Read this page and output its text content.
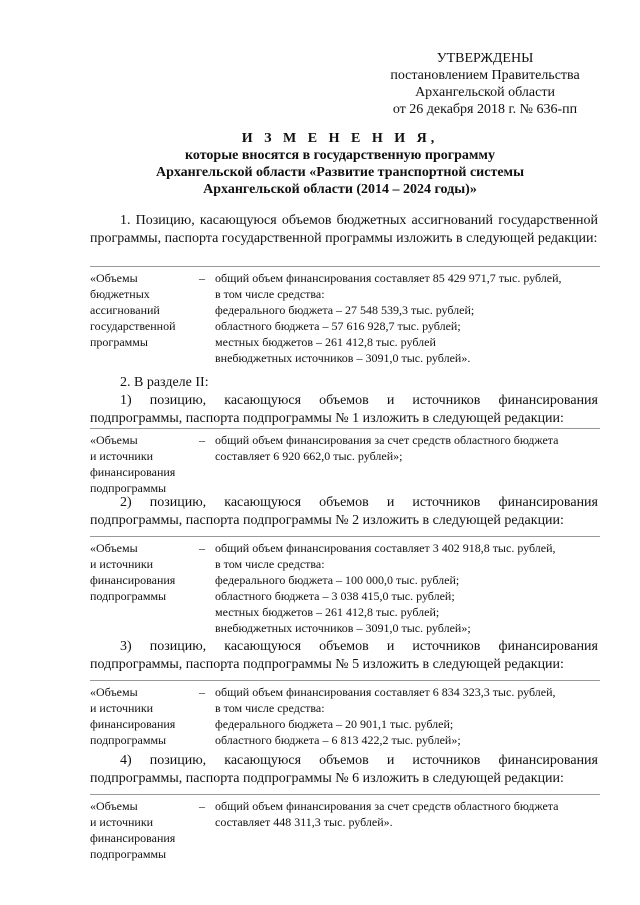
УТВЕРЖДЕНЫ
постановлением Правительства
Архангельской области
от 26 декабря 2018 г. № 636-пп
И З М Е Н Е Н И Я,
которые вносятся в государственную программу
Архангельской области «Развитие транспортной системы
Архангельской области (2014 – 2024 годы)»
1. Позицию, касающуюся объемов бюджетных ассигнований государственной программы, паспорта государственной программы изложить в следующей редакции:
«Объемы
бюджетных
ассигнований
государственной
программы
– общий объем финансирования составляет 85 429 971,7 тыс. рублей,
в том числе средства:
федерального бюджета – 27 548 539,3 тыс. рублей;
областного бюджета – 57 616 928,7 тыс. рублей;
местных бюджетов – 261 412,8 тыс. рублей
внебюджетных источников – 3091,0 тыс. рублей».
2. В разделе II:
1) позицию, касающуюся объемов и источников финансирования подпрограммы, паспорта подпрограммы № 1 изложить в следующей редакции:
«Объемы
и источники
финансирования
подпрограммы
– общий объем финансирования за счет средств областного бюджета
составляет 6 920 662,0 тыс. рублей»;
2) позицию, касающуюся объемов и источников финансирования подпрограммы, паспорта подпрограммы № 2 изложить в следующей редакции:
«Объемы
и источники
финансирования
подпрограммы
– общий объем финансирования составляет 3 402 918,8 тыс. рублей,
в том числе средства:
федерального бюджета – 100 000,0 тыс. рублей;
областного бюджета – 3 038 415,0 тыс. рублей;
местных бюджетов – 261 412,8 тыс. рублей;
внебюджетных источников – 3091,0 тыс. рублей»;
3) позицию, касающуюся объемов и источников финансирования подпрограммы, паспорта подпрограммы № 5 изложить в следующей редакции:
«Объемы
и источники
финансирования
подпрограммы
– общий объем финансирования составляет 6 834 323,3 тыс. рублей,
в том числе средства:
федерального бюджета – 20 901,1 тыс. рублей;
областного бюджета – 6 813 422,2 тыс. рублей»;
4) позицию, касающуюся объемов и источников финансирования подпрограммы, паспорта подпрограммы № 6 изложить в следующей редакции:
«Объемы
и источники
финансирования
подпрограммы
– общий объем финансирования за счет средств областного бюджета
составляет 448 311,3 тыс. рублей».
